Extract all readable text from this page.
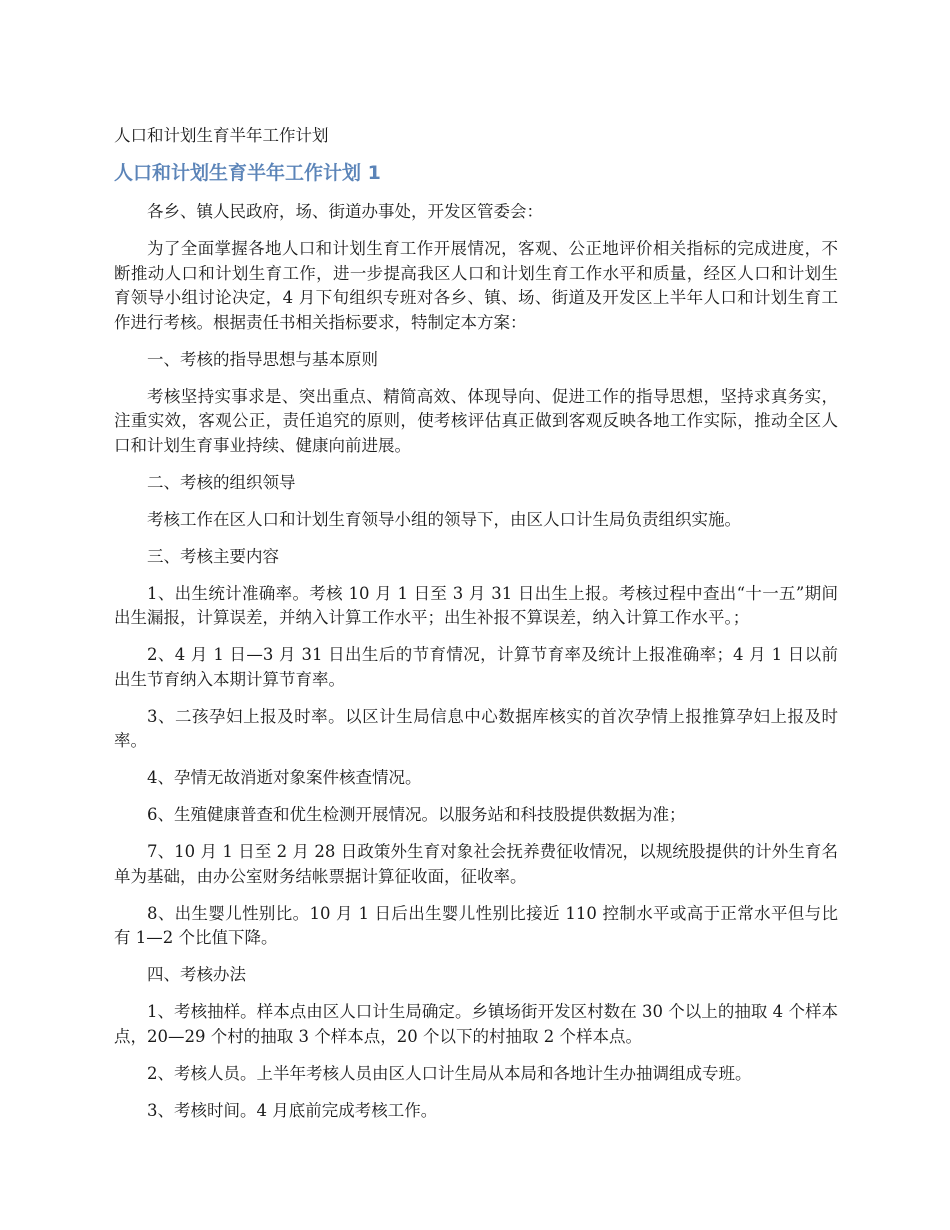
人口和计划生育半年工作计划
人口和计划生育半年工作计划 1

各乡、镇人民政府，场、街道办事处，开发区管委会：

为了全面掌握各地人口和计划生育工作开展情况，客观、公正地评价相关指标的完成进度，不断推动人口和计划生育工作，进一步提高我区人口和计划生育工作水平和质量，经区人口和计划生育领导小组讨论决定，4 月下旬组织专班对各乡、镇、场、街道及开发区上半年人口和计划生育工作进行考核。根据责任书相关指标要求，特制定本方案：

一、考核的指导思想与基本原则

考核坚持实事求是、突出重点、精简高效、体现导向、促进工作的指导思想，坚持求真务实，注重实效，客观公正，责任追究的原则，使考核评估真正做到客观反映各地工作实际，推动全区人口和计划生育事业持续、健康向前进展。

二、考核的组织领导

考核工作在区人口和计划生育领导小组的领导下，由区人口计生局负责组织实施。

三、考核主要内容

1、出生统计准确率。考核 10 月 1 日至 3 月 31 日出生上报。考核过程中查出“十一五”期间出生漏报，计算误差，并纳入计算工作水平；出生补报不算误差，纳入计算工作水平。；

2、4 月 1 日—3 月 31 日出生后的节育情况，计算节育率及统计上报准确率；4 月 1 日以前出生节育纳入本期计算节育率。

3、二孩孕妇上报及时率。以区计生局信息中心数据库核实的首次孕情上报推算孕妇上报及时率。

4、孕情无故消逝对象案件核查情况。

6、生殖健康普查和优生检测开展情况。以服务站和科技股提供数据为准；

7、10 月 1 日至 2 月 28 日政策外生育对象社会抚养费征收情况，以规统股提供的计外生育名单为基础，由办公室财务结帐票据计算征收面，征收率。

8、出生婴儿性别比。10 月 1 日后出生婴儿性别比接近 110 控制水平或高于正常水平但与比有 1—2 个比值下降。

四、考核办法

1、考核抽样。样本点由区人口计生局确定。乡镇场街开发区村数在 30 个以上的抽取 4 个样本点，20—29 个村的抽取 3 个样本点，20 个以下的村抽取 2 个样本点。

2、考核人员。上半年考核人员由区人口计生局从本局和各地计生办抽调组成专班。

3、考核时间。4 月底前完成考核工作。
